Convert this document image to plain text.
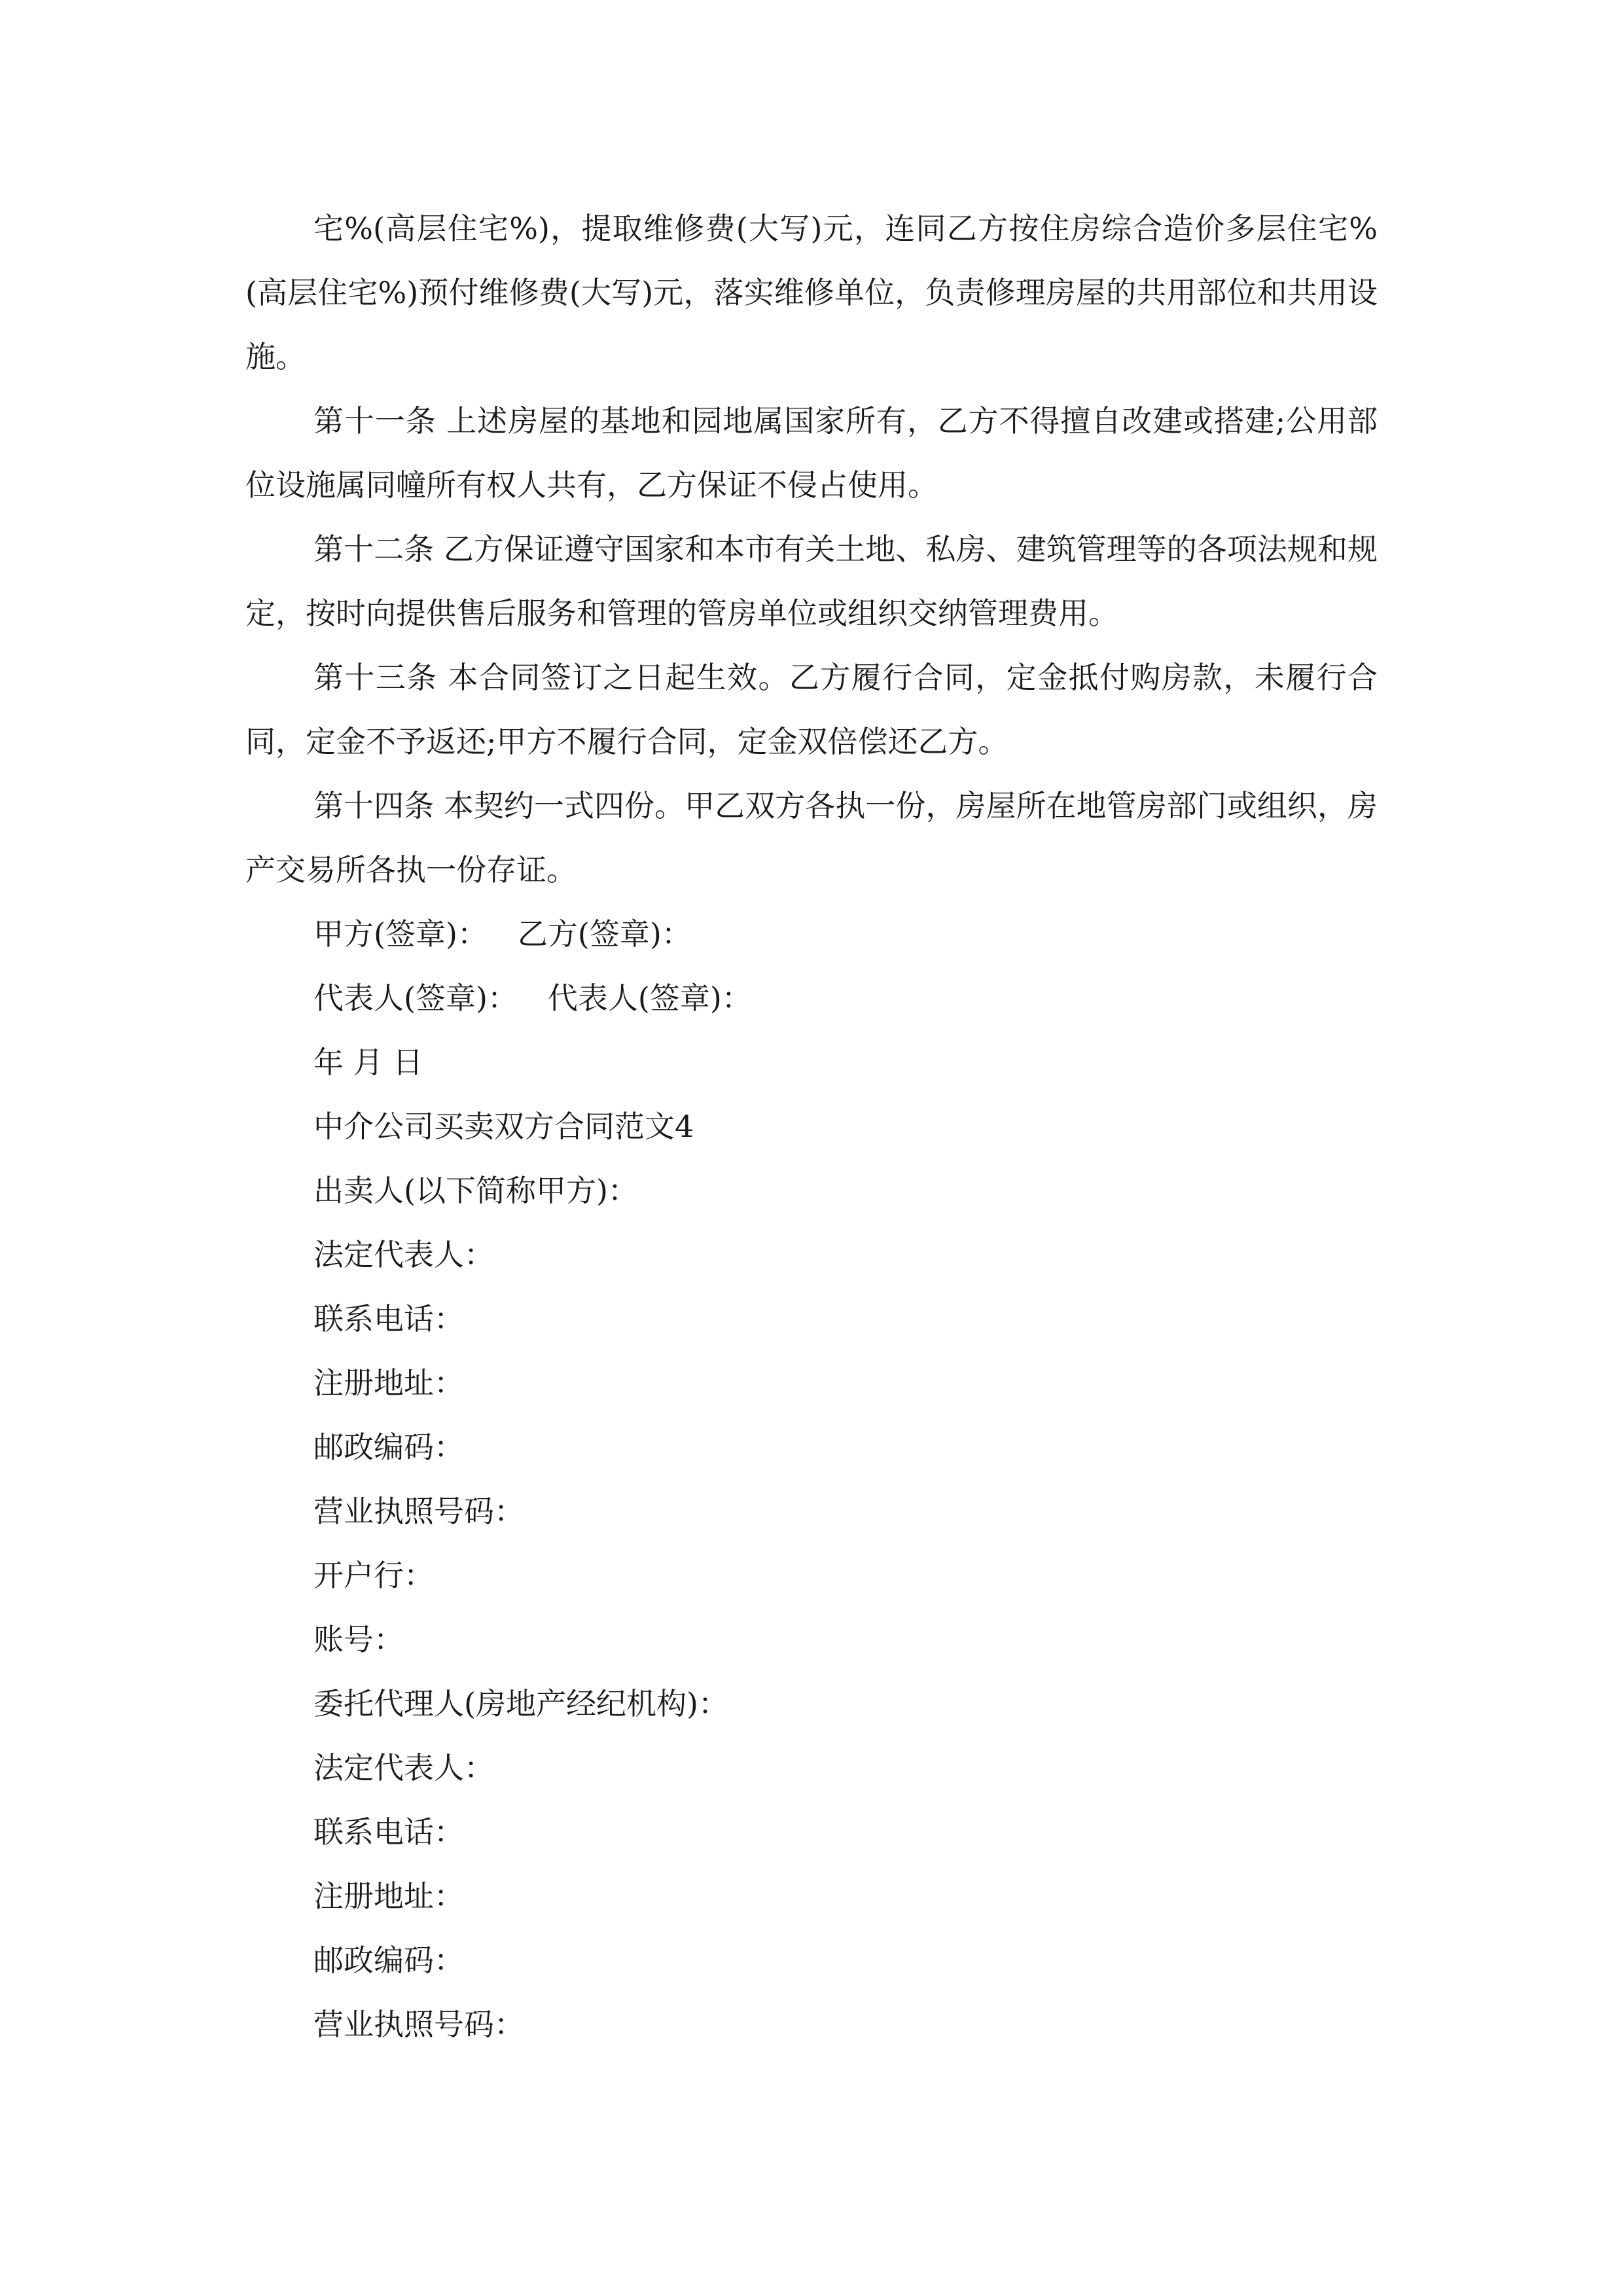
宅%(高层住宅%)，提取维修费(大写)元，连同乙方按住房综合造价多层住宅%(高层住宅%)预付维修费(大写)元，落实维修单位，负责修理房屋的共用部位和共用设施。

第十一条 上述房屋的基地和园地属国家所有，乙方不得擅自改建或搭建;公用部位设施属同幢所有权人共有，乙方保证不侵占使用。

第十二条 乙方保证遵守国家和本市有关土地、私房、建筑管理等的各项法规和规定，按时向提供售后服务和管理的管房单位或组织交纳管理费用。

第十三条 本合同签订之日起生效。乙方履行合同，定金抵付购房款，未履行合同，定金不予返还;甲方不履行合同，定金双倍偿还乙方。

第十四条 本契约一式四份。甲乙双方各执一份，房屋所在地管房部门或组织，房产交易所各执一份存证。

甲方(签章)： 乙方(签章)：
代表人(签章)： 代表人(签章)：
年 月 日
中介公司买卖双方合同范文4
出卖人(以下简称甲方)：
法定代表人：
联系电话：
注册地址：
邮政编码：
营业执照号码：
开户行：
账号：
委托代理人(房地产经纪机构)：
法定代表人：
联系电话：
注册地址：
邮政编码：
营业执照号码：
